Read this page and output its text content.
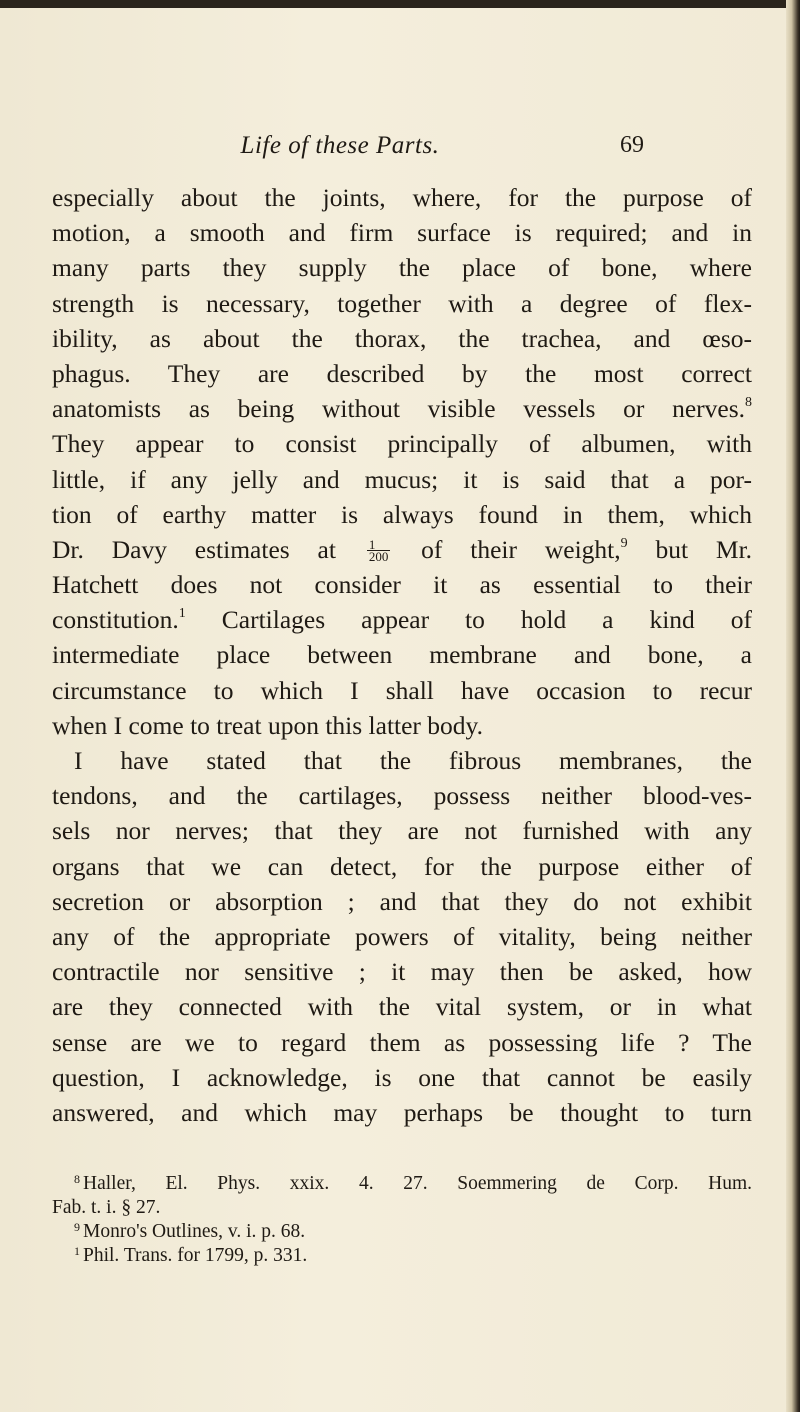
Life of these Parts.	69
especially about the joints, where, for the purpose of
motion, a smooth and firm surface is required; and in
many parts they supply the place of bone, where
strength is necessary, together with a degree of flex-
ibility, as about the thorax, the trachea, and œso-
phagus. They are described by the most correct
anatomists as being without visible vessels or nerves.$^8$
They appear to consist principally of albumen, with
little, if any jelly and mucus; it is said that a por-
tion of earthy matter is always found in them, which
Dr. Davy estimates at $\frac{1}{200}$ of their weight,$^9$ but Mr.
Hatchett does not consider it as essential to their
constitution.$^1$ Cartilages appear to hold a kind of
intermediate place between membrane and bone, a
circumstance to which I shall have occasion to recur
when I come to treat upon this latter body.
I have stated that the fibrous membranes, the
tendons, and the cartilages, possess neither blood-ves-
sels nor nerves; that they are not furnished with any
organs that we can detect, for the purpose either of
secretion or absorption ; and that they do not exhibit
any of the appropriate powers of vitality, being neither
contractile nor sensitive ; it may then be asked, how
are they connected with the vital system, or in what
sense are we to regard them as possessing life ? The
question, I acknowledge, is one that cannot be easily
answered, and which may perhaps be thought to turn
$^8$ Haller, El. Phys. xxix. 4. 27. Soemmering de Corp. Hum.
Fab. t. i. § 27.
$^9$ Monro's Outlines, v. i. p. 68.
$^1$ Phil. Trans. for 1799, p. 331.
